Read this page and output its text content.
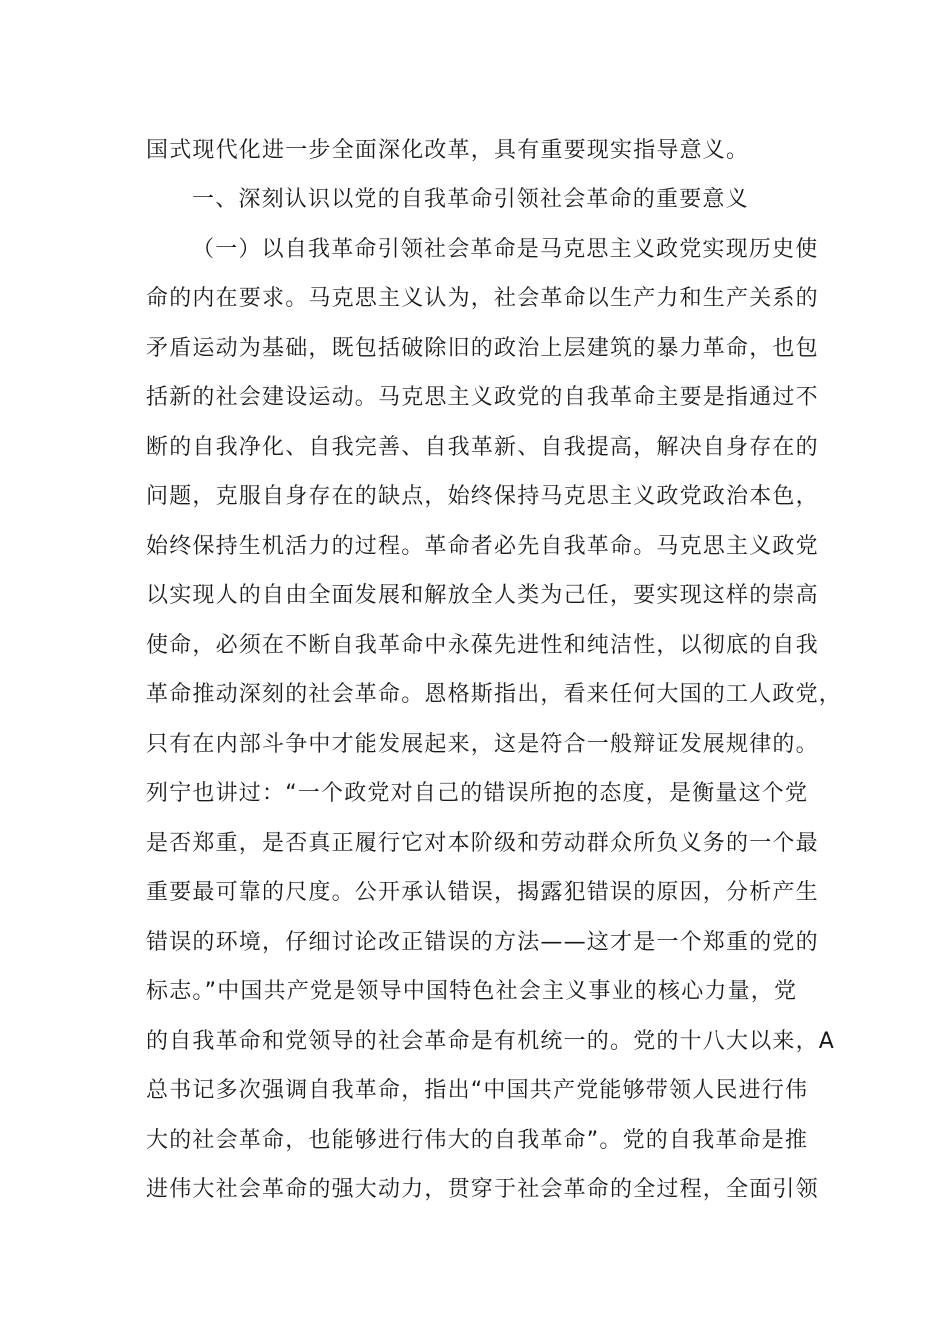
国式现代化进一步全面深化改革，具有重要现实指导意义。
一、深刻认识以党的自我革命引领社会革命的重要意义
（一）以自我革命引领社会革命是马克思主义政党实现历史使
命的内在要求。马克思主义认为，社会革命以生产力和生产关系的
矛盾运动为基础，既包括破除旧的政治上层建筑的暴力革命，也包
括新的社会建设运动。马克思主义政党的自我革命主要是指通过不
断的自我净化、自我完善、自我革新、自我提高，解决自身存在的
问题，克服自身存在的缺点，始终保持马克思主义政党政治本色，
始终保持生机活力的过程。革命者必先自我革命。马克思主义政党
以实现人的自由全面发展和解放全人类为己任，要实现这样的崇高
使命，必须在不断自我革命中永葆先进性和纯洁性，以彻底的自我
革命推动深刻的社会革命。恩格斯指出，看来任何大国的工人政党，
只有在内部斗争中才能发展起来，这是符合一般辩证发展规律的。
列宁也讲过：“一个政党对自己的错误所抱的态度，是衡量这个党
是否郑重，是否真正履行它对本阶级和劳动群众所负义务的一个最
重要最可靠的尺度。公开承认错误，揭露犯错误的原因，分析产生
错误的环境，仔细讨论改正错误的方法——这才是一个郑重的党的
标志。”中国共产党是领导中国特色社会主义事业的核心力量，党
的自我革命和党领导的社会革命是有机统一的。党的十八大以来，A
总书记多次强调自我革命，指出“中国共产党能够带领人民进行伟
大的社会革命，也能够进行伟大的自我革命”。党的自我革命是推
进伟大社会革命的强大动力，贯穿于社会革命的全过程，全面引领
